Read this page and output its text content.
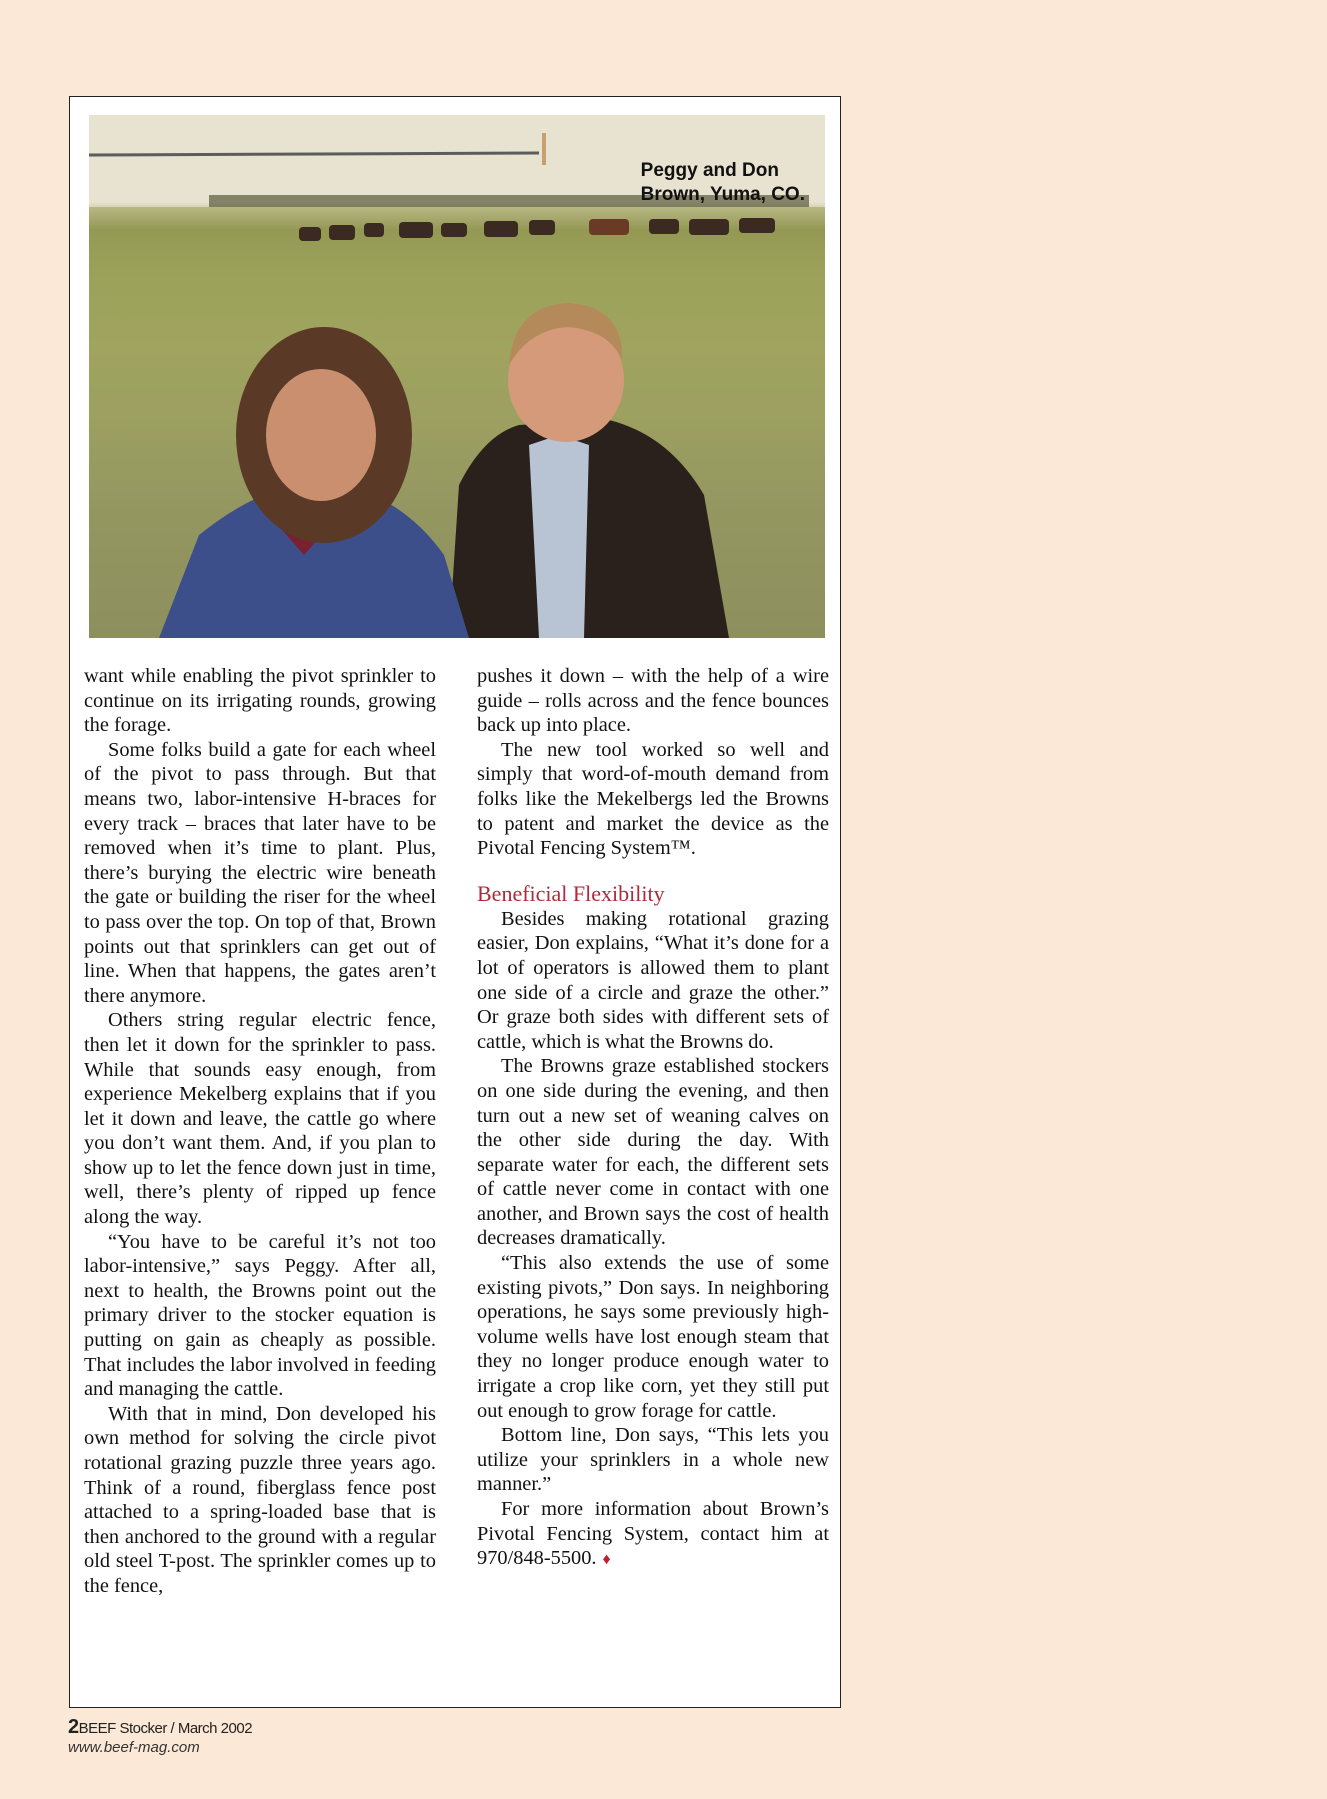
Peggy and Don
Brown, Yuma, CO.

want while enabling the pivot sprinkler to continue on its irrigating rounds, growing the forage.

Some folks build a gate for each wheel of the pivot to pass through. But that means two, labor-intensive H-braces for every track – braces that later have to be removed when it’s time to plant. Plus, there’s burying the electric wire beneath the gate or building the riser for the wheel to pass over the top. On top of that, Brown points out that sprinklers can get out of line. When that happens, the gates aren’t there anymore.

Others string regular electric fence, then let it down for the sprinkler to pass. While that sounds easy enough, from experience Mekelberg explains that if you let it down and leave, the cattle go where you don’t want them. And, if you plan to show up to let the fence down just in time, well, there’s plenty of ripped up fence along the way.

“You have to be careful it’s not too labor-intensive,” says Peggy. After all, next to health, the Browns point out the primary driver to the stocker equation is putting on gain as cheaply as possible. That includes the labor involved in feeding and managing the cattle.

With that in mind, Don developed his own method for solving the circle pivot rotational grazing puzzle three years ago. Think of a round, fiberglass fence post attached to a spring-loaded base that is then anchored to the ground with a regular old steel T-post. The sprinkler comes up to the fence,

pushes it down – with the help of a wire guide – rolls across and the fence bounces back up into place.

The new tool worked so well and simply that word-of-mouth demand from folks like the Mekelbergs led the Browns to patent and market the device as the Pivotal Fencing System™.

Beneficial Flexibility

Besides making rotational grazing easier, Don explains, “What it’s done for a lot of operators is allowed them to plant one side of a circle and graze the other.” Or graze both sides with different sets of cattle, which is what the Browns do.

The Browns graze established stockers on one side during the evening, and then turn out a new set of weaning calves on the other side during the day. With separate water for each, the different sets of cattle never come in contact with one another, and Brown says the cost of health decreases dramatically.

“This also extends the use of some existing pivots,” Don says. In neighboring operations, he says some previously high-volume wells have lost enough steam that they no longer produce enough water to irrigate a crop like corn, yet they still put out enough to grow forage for cattle.

Bottom line, Don says, “This lets you utilize your sprinklers in a whole new manner.”

For more information about Brown’s Pivotal Fencing System, contact him at 970/848-5500. ♦

2BEEF Stocker / March 2002
www.beef-mag.com
